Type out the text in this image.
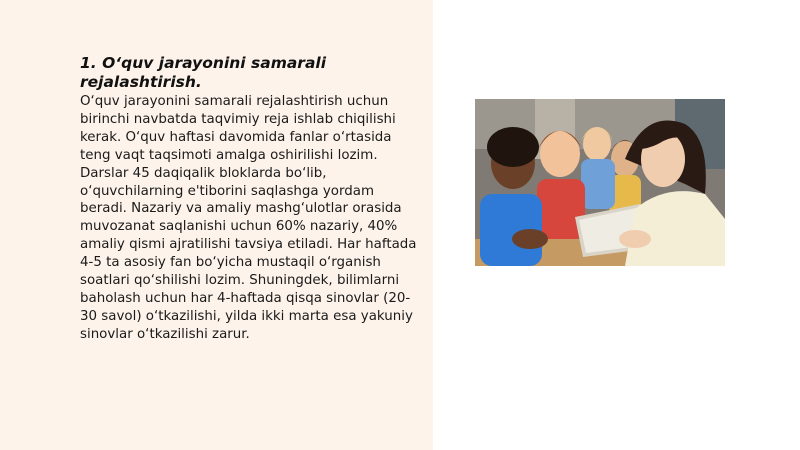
1. O‘quv jarayonini samarali rejalashtirish.

O‘quv jarayonini samarali rejalashtirish uchun birinchi navbatda taqvimiy reja ishlab chiqilishi kerak. O‘quv haftasi davomida fanlar o‘rtasida teng vaqt taqsimoti amalga oshirilishi lozim. Darslar 45 daqiqalik bloklarda bo‘lib, o‘quvchilarning e'tiborini saqlashga yordam beradi. Nazariy va amaliy mashg‘ulotlar orasida muvozanat saqlanishi uchun 60% nazariy, 40% amaliy qismi ajratilishi tavsiya etiladi. Har haftada 4-5 ta asosiy fan bo‘yicha mustaqil o‘rganish soatlari qo‘shilishi lozim. Shuningdek, bilimlarni baholash uchun har 4-haftada qisqa sinovlar (20-30 savol) o‘tkazilishi, yilda ikki marta esa yakuniy sinovlar o‘tkazilishi zarur.
